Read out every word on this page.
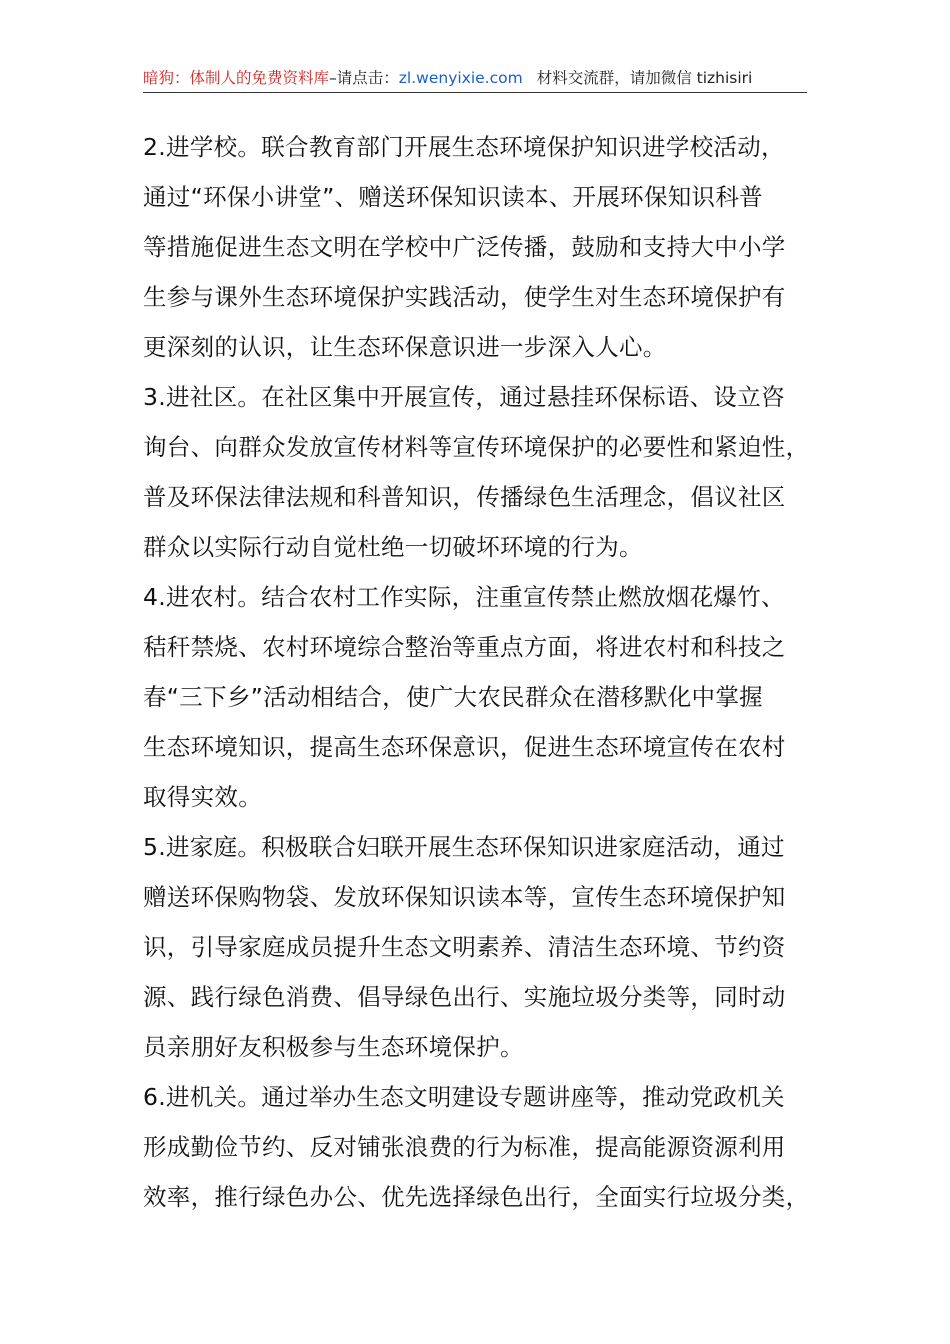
暗狗：体制人的免费资料库–请点击：zl.wenyixie.com 材料交流群，请加微信 tizhisiri
2.进学校。联合教育部门开展生态环境保护知识进学校活动，
通过“环保小讲堂”、赠送环保知识读本、开展环保知识科普
等措施促进生态文明在学校中广泛传播，鼓励和支持大中小学
生参与课外生态环境保护实践活动，使学生对生态环境保护有
更深刻的认识，让生态环保意识进一步深入人心。
3.进社区。在社区集中开展宣传，通过悬挂环保标语、设立咨
询台、向群众发放宣传材料等宣传环境保护的必要性和紧迫性，
普及环保法律法规和科普知识，传播绿色生活理念，倡议社区
群众以实际行动自觉杜绝一切破坏环境的行为。
4.进农村。结合农村工作实际，注重宣传禁止燃放烟花爆竹、
秸秆禁烧、农村环境综合整治等重点方面，将进农村和科技之
春“三下乡”活动相结合，使广大农民群众在潜移默化中掌握
生态环境知识，提高生态环保意识，促进生态环境宣传在农村
取得实效。
5.进家庭。积极联合妇联开展生态环保知识进家庭活动，通过
赠送环保购物袋、发放环保知识读本等，宣传生态环境保护知
识，引导家庭成员提升生态文明素养、清洁生态环境、节约资
源、践行绿色消费、倡导绿色出行、实施垃圾分类等，同时动
员亲朋好友积极参与生态环境保护。
6.进机关。通过举办生态文明建设专题讲座等，推动党政机关
形成勤俭节约、反对铺张浪费的行为标准，提高能源资源利用
效率，推行绿色办公、优先选择绿色出行，全面实行垃圾分类，
